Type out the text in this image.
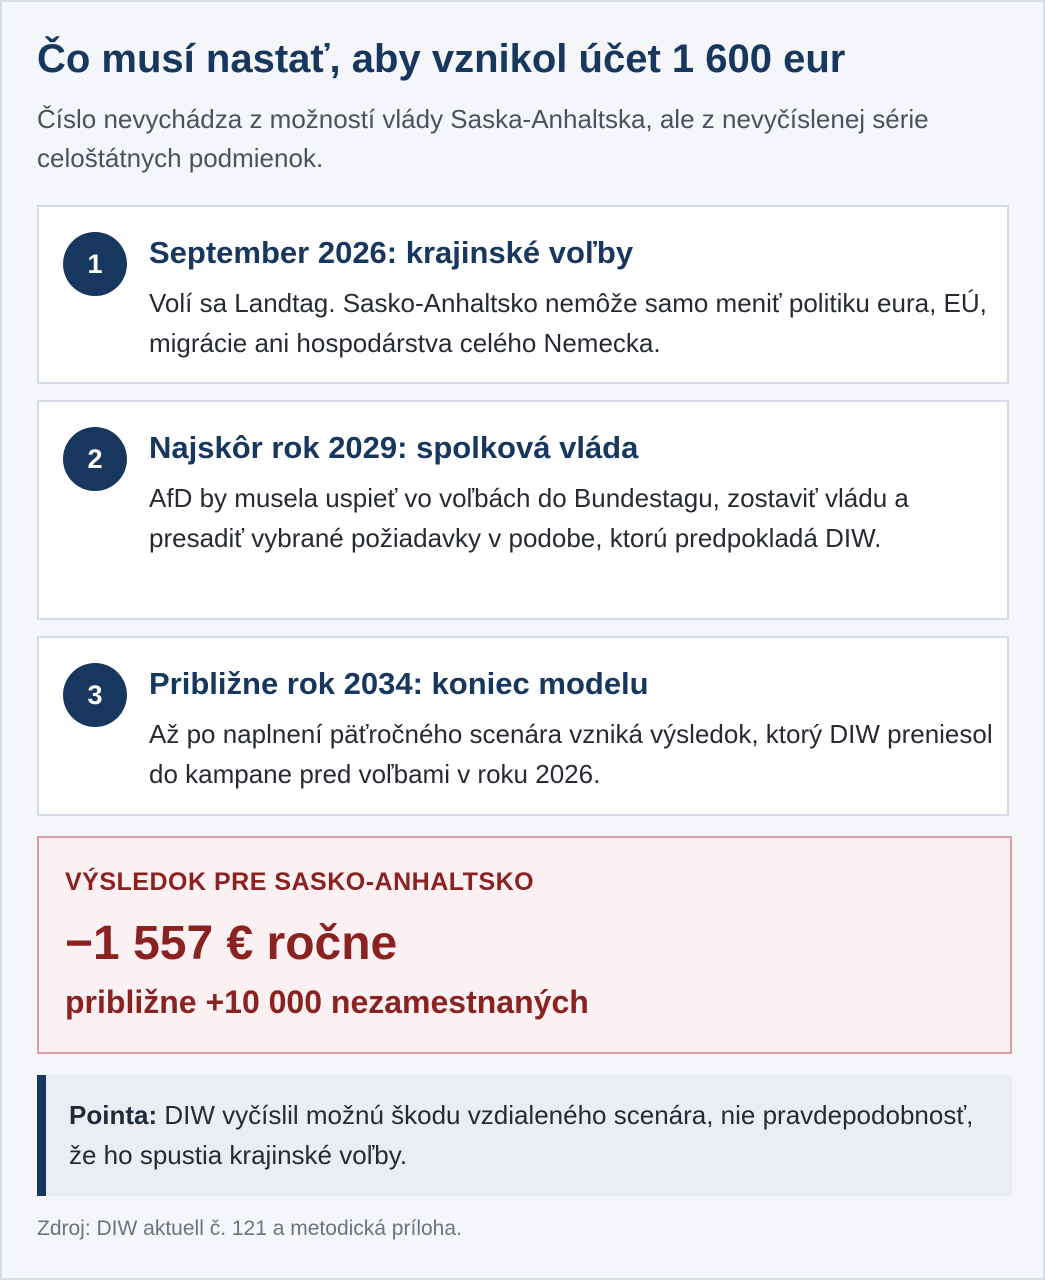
Čo musí nastať, aby vznikol účet 1 600 eur

Číslo nevychádza z možností vlády Saska-Anhaltska, ale z nevyčíslenej série celoštátnych podmienok.

1	September 2026: krajinské voľby

Volí sa Landtag. Sasko-Anhaltsko nemôže samo meniť politiku eura, EÚ, migrácie ani hospodárstva celého Nemecka.

2	Najskôr rok 2029: spolková vláda

AfD by musela uspieť vo voľbách do Bundestagu, zostaviť vládu a presadiť vybrané požiadavky v podobe, ktorú predpokladá DIW.

3	Približne rok 2034: koniec modelu

Až po naplnení päťročného scenára vzniká výsledok, ktorý DIW preniesol do kampane pred voľbami v roku 2026.

VÝSLEDOK PRE SASKO-ANHALTSKO

−1 557 € ročne

približne +10 000 nezamestnaných

Pointa: DIW vyčíslil možnú škodu vzdialeného scenára, nie pravdepodobnosť, že ho spustia krajinské voľby.

Zdroj: DIW aktuell č. 121 a metodická príloha.
